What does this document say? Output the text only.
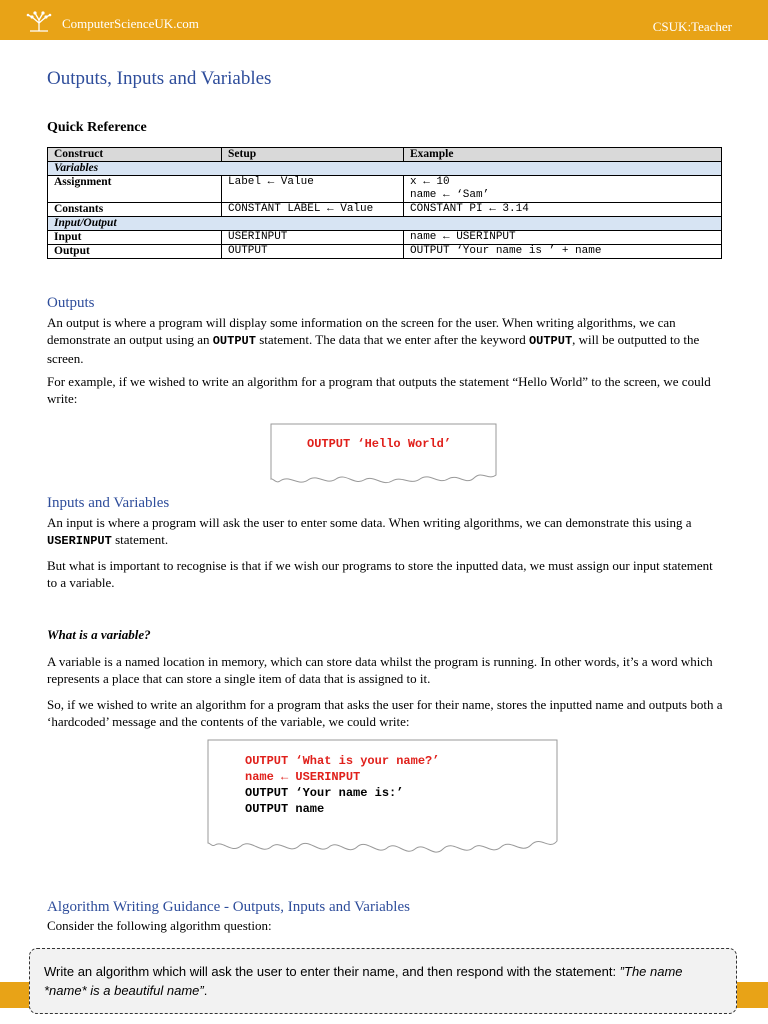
ComputerScienceUK.com	CSUK:Teacher
Outputs, Inputs and Variables
Quick Reference
Construct	Setup	Example
Variables		
Assignment	Label ← Value	x ← 10
name ← ‘Sam’

Constants	CONSTANT LABEL ← Value	CONSTANT PI ← 3.14
Input/Output		
Input	USERINPUT	name ← USERINPUT
Output	OUTPUT	OUTPUT ‘Your name is ’ + name
Outputs

An output is where a program will display some information on the screen for the user. When writing algorithms, we can demonstrate an output using an OUTPUT statement. The data that we enter after the keyword OUTPUT, will be outputted to the screen.

For example, if we wished to write an algorithm for a program that outputs the statement “Hello World” to the screen, we could write:

OUTPUT ‘Hello World’
Inputs and Variables

An input is where a program will ask the user to enter some data. When writing algorithms, we can demonstrate this using a USERINPUT statement.

But what is important to recognise is that if we wish our programs to store the inputted data, we must assign our input statement to a variable.

What is a variable?

A variable is a named location in memory, which can store data whilst the program is running. In other words, it’s a word which represents a place that can store a single item of data that is assigned to it.

So, if we wished to write an algorithm for a program that asks the user for their name, stores the inputted name and outputs both a ‘hardcoded’ message and the contents of the variable, we could write:

OUTPUT ‘What is your name?’
name ← USERINPUT
OUTPUT ‘Your name is:’
OUTPUT name
Algorithm Writing Guidance - Outputs, Inputs and Variables

Consider the following algorithm question:

Write an algorithm which will ask the user to enter their name, and then respond with the statement: ”The name *name* is a beautiful name”.
